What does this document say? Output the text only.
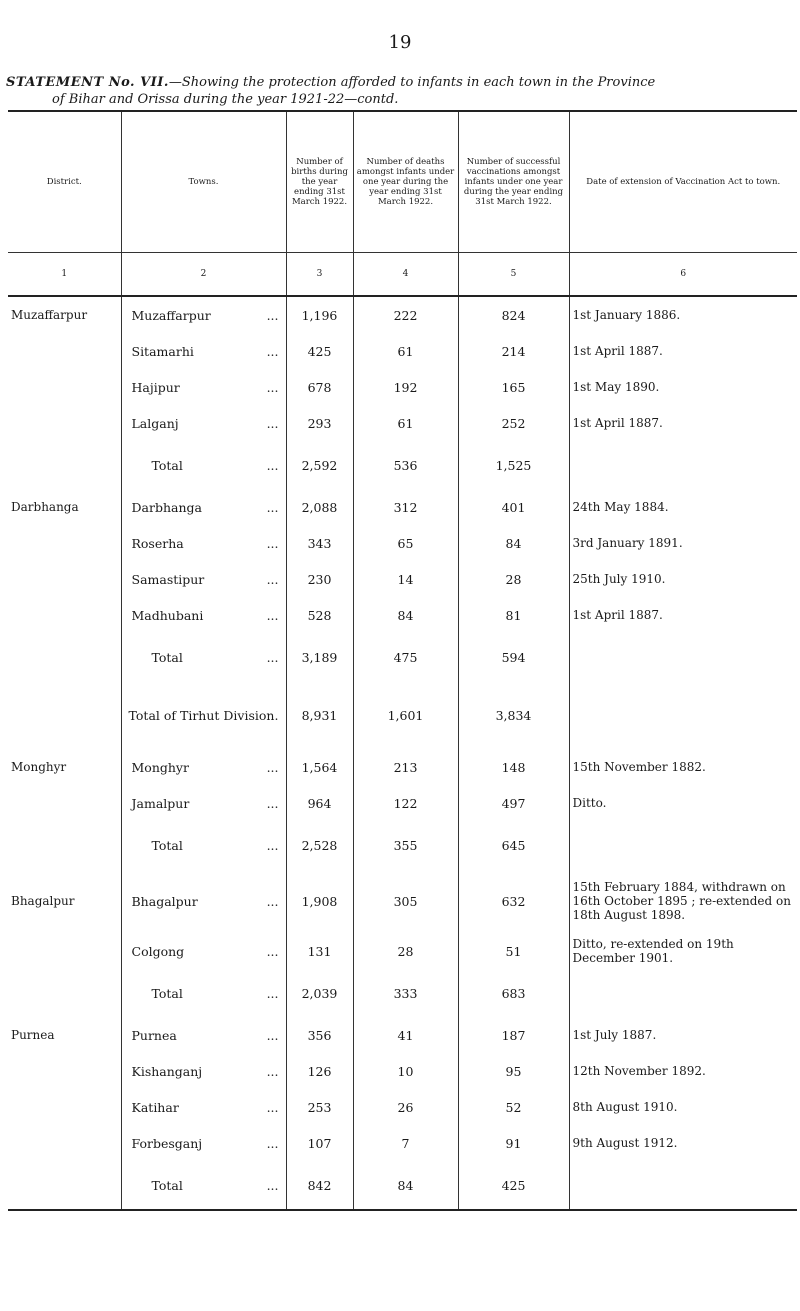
19
STATEMENT No. VII.—Showing the protection afforded to infants in each town in the Province
of Bihar and Orissa during the year 1921-22—contd.
District.	Towns.	Number of births during the year ending 31st March 1922.	Number of deaths amongst infants under one year during the year ending 31st March 1922.	Number of successful vaccinations amongst infants under one year during the year ending 31st March 1922.	Date of extension of Vaccination Act to town.
1	2	3	4	5	6
Muzaffarpur	Muzaffarpur ...	1,196	222	824	1st January 1886.
	Sitamarhi ...	425	61	214	1st April 1887.
	Hajipur ...	678	192	165	1st May 1890.
	Lalganj ...	293	61	252	1st April 1887.
	Total ...	2,592	536	1,525	
Darbhanga	Darbhanga ...	2,088	312	401	24th May 1884.
	Roserha ...	343	65	84	3rd January 1891.
	Samastipur ...	230	14	28	25th July 1910.
	Madhubani ...	528	84	81	1st April 1887.
	Total ...	3,189	475	594	
	Total of Tirhut Division.	8,931	1,601	3,834	
Monghyr	Monghyr ...	1,564	213	148	15th November 1882.
	Jamalpur ...	964	122	497	Ditto.
	Total ...	2,528	355	645	
Bhagalpur	Bhagalpur ...	1,908	305	632	15th February 1884, withdrawn on 16th October 1895 ; re-extended on 18th August 1898.
	Colgong ...	131	28	51	Ditto, re-extended on 19th December 1901.
	Total ...	2,039	333	683	
Purnea	Purnea ...	356	41	187	1st July 1887.
	Kishanganj ...	126	10	95	12th November 1892.
	Katihar ...	253	26	52	8th August 1910.
	Forbesganj ...	107	7	91	9th August 1912.
	Total ...	842	84	425	
